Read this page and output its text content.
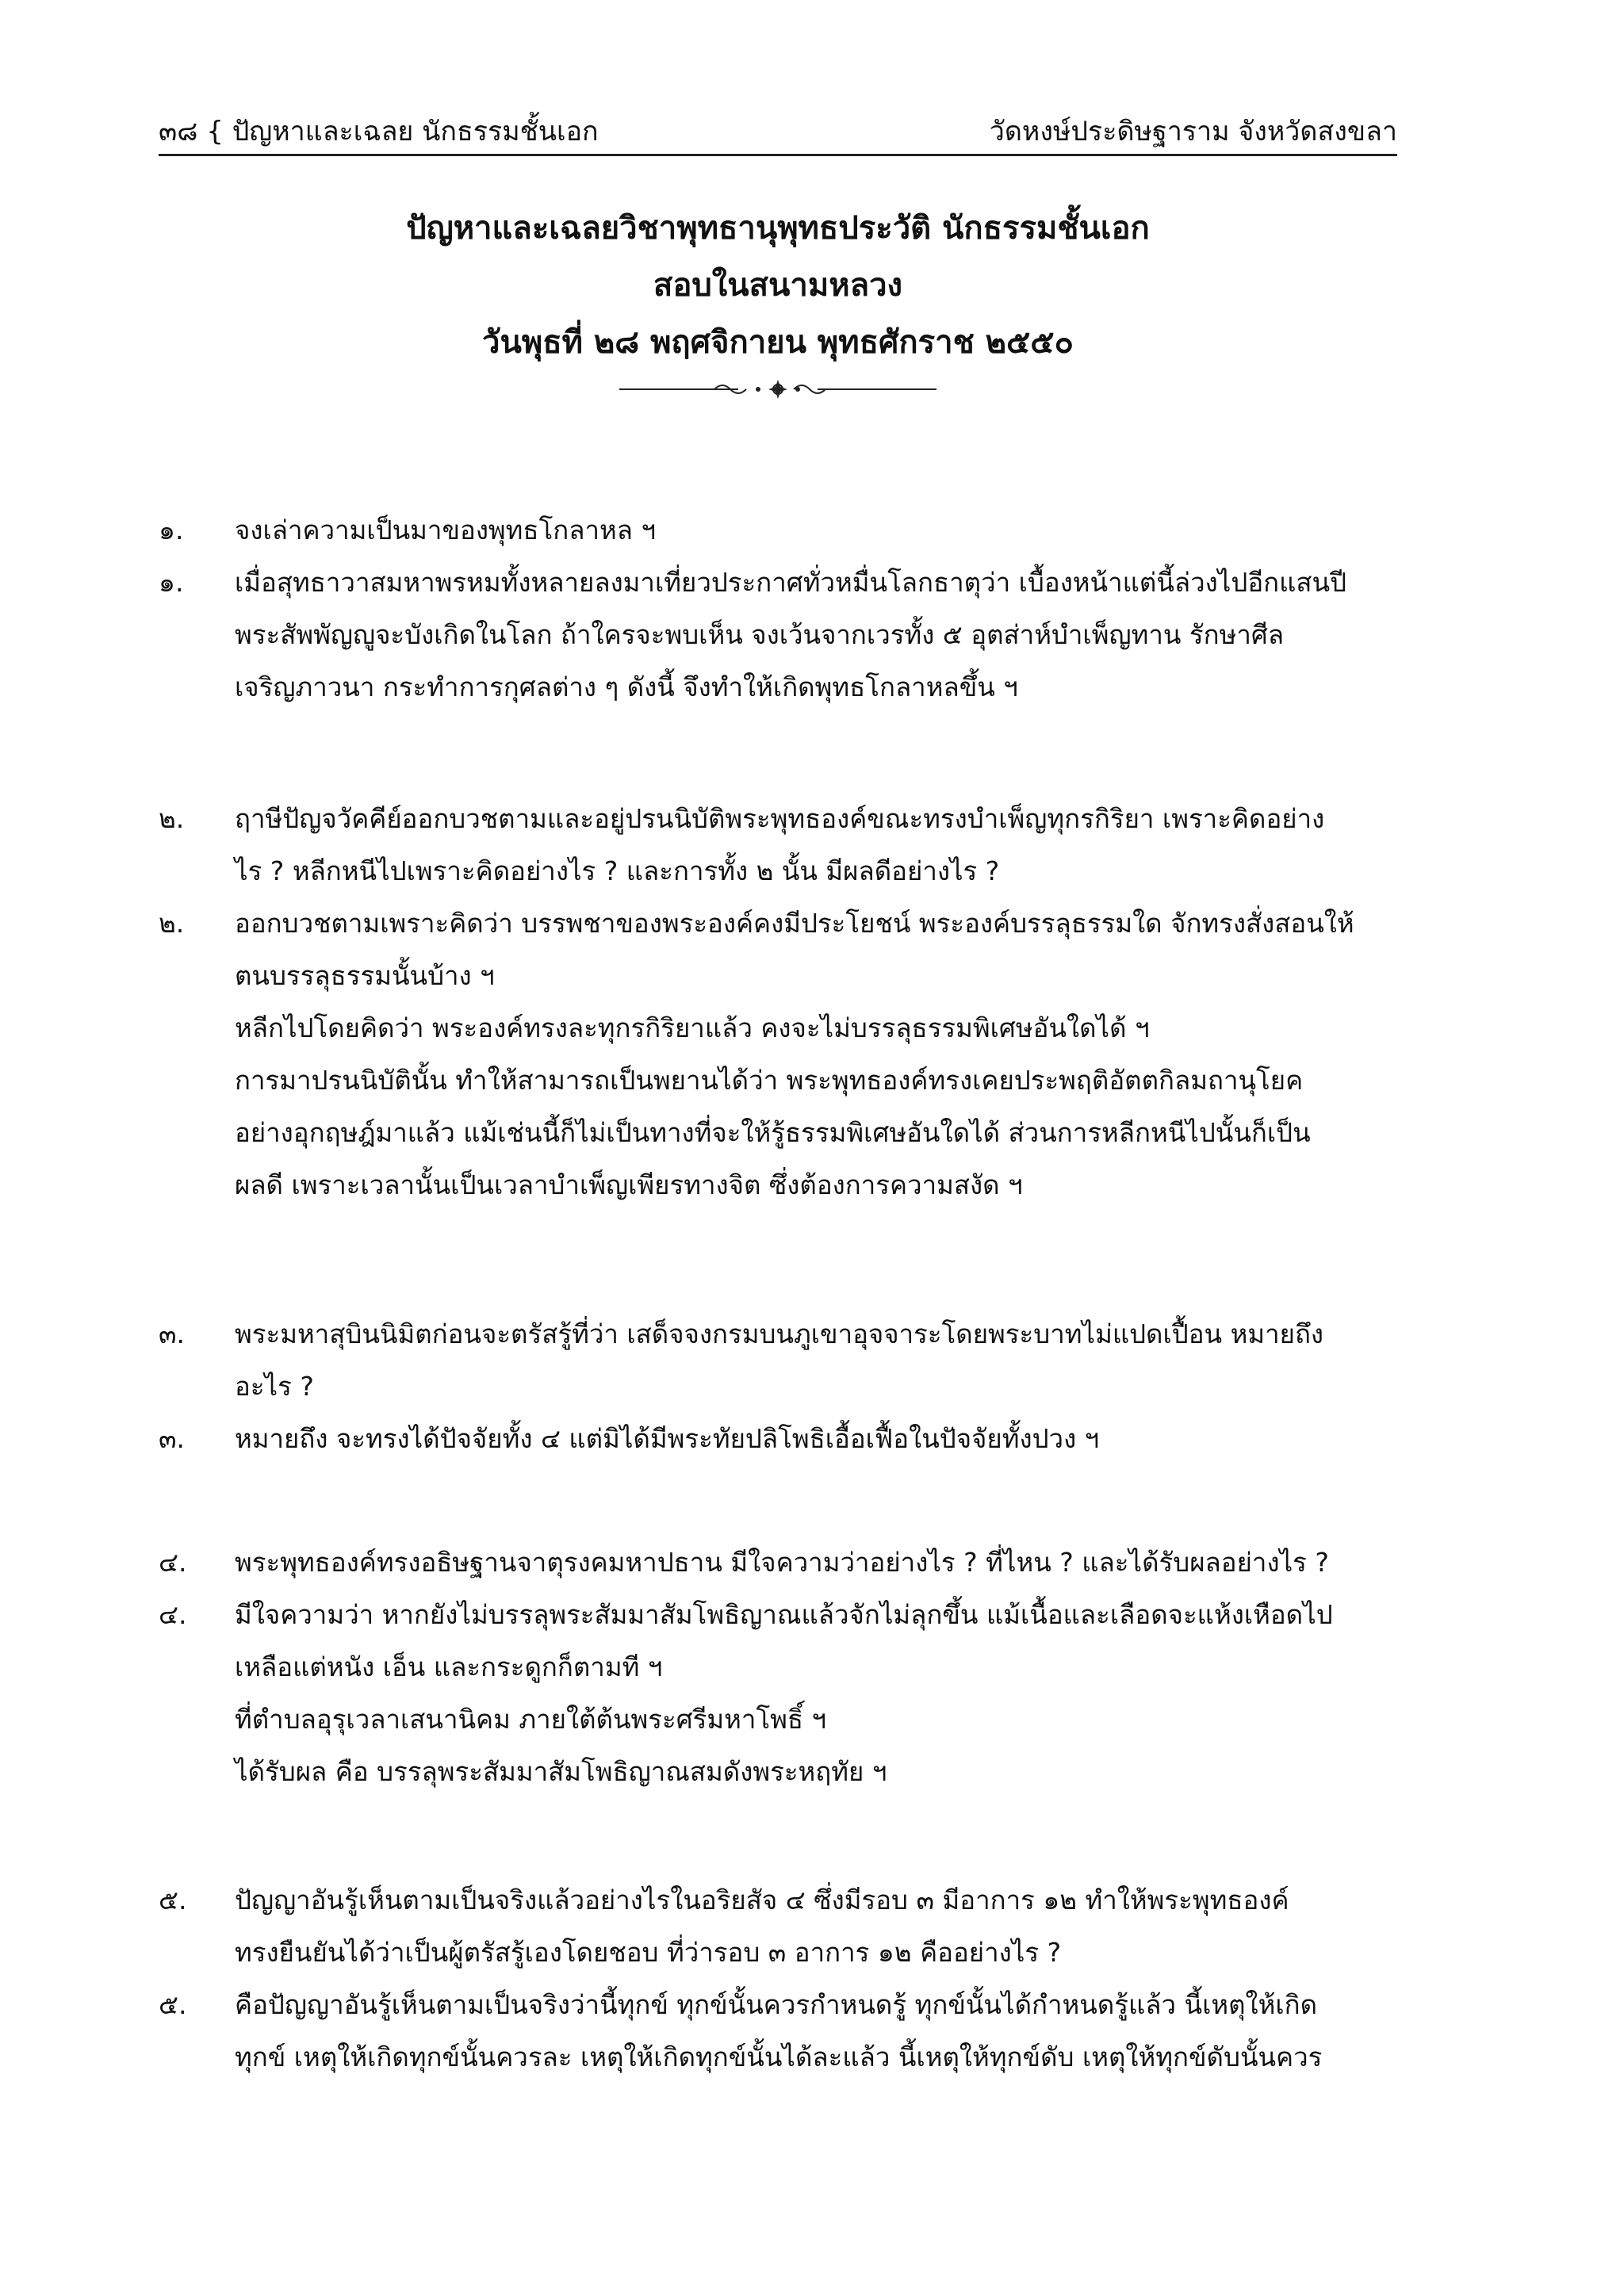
๓๘ { ปัญหาและเฉลย นักธรรมชั้นเอก	วัดหงษ์ประดิษฐาราม จังหวัดสงขลา
ปัญหาและเฉลยวิชาพุทธานุพุทธประวัติ นักธรรมชั้นเอก
สอบในสนามหลวง
วันพุธที่ ๒๘ พฤศจิกายน พุทธศักราช ๒๕๕๐
๑.	จงเล่าความเป็นมาของพุทธโกลาหล ฯ
๑.	เมื่อสุทธาวาสมหาพรหมทั้งหลายลงมาเที่ยวประกาศทั่วหมื่นโลกธาตุว่า เบื้องหน้าแต่นี้ล่วงไปอีกแสนปี
พระสัพพัญญูจะบังเกิดในโลก ถ้าใครจะพบเห็น จงเว้นจากเวรทั้ง ๕ อุตส่าห์บำเพ็ญทาน รักษาศีล
เจริญภาวนา กระทำการกุศลต่าง ๆ ดังนี้ จึงทำให้เกิดพุทธโกลาหลขึ้น ฯ
๒.	ฤาษีปัญจวัคคีย์ออกบวชตามและอยู่ปรนนิบัติพระพุทธองค์ขณะทรงบำเพ็ญทุกรกิริยา เพราะคิดอย่าง
ไร ? หลีกหนีไปเพราะคิดอย่างไร ? และการทั้ง ๒ นั้น มีผลดีอย่างไร ?
๒.	ออกบวชตามเพราะคิดว่า บรรพชาของพระองค์คงมีประโยชน์ พระองค์บรรลุธรรมใด จักทรงสั่งสอนให้
ตนบรรลุธรรมนั้นบ้าง ฯ
หลีกไปโดยคิดว่า พระองค์ทรงละทุกรกิริยาแล้ว คงจะไม่บรรลุธรรมพิเศษอันใดได้ ฯ
การมาปรนนิบัตินั้น ทำให้สามารถเป็นพยานได้ว่า พระพุทธองค์ทรงเคยประพฤติอัตตกิลมถานุโยค
อย่างอุกฤษฎ์มาแล้ว แม้เช่นนี้ก็ไม่เป็นทางที่จะให้รู้ธรรมพิเศษอันใดได้ ส่วนการหลีกหนีไปนั้นก็เป็น
ผลดี เพราะเวลานั้นเป็นเวลาบำเพ็ญเพียรทางจิต ซึ่งต้องการความสงัด ฯ
๓.	พระมหาสุบินนิมิตก่อนจะตรัสรู้ที่ว่า เสด็จจงกรมบนภูเขาอุจจาระโดยพระบาทไม่แปดเปื้อน หมายถึง
อะไร ?
๓.	หมายถึง จะทรงได้ปัจจัยทั้ง ๔ แต่มิได้มีพระทัยปลิโพธิเอื้อเฟื้อในปัจจัยทั้งปวง ฯ
๔.	พระพุทธองค์ทรงอธิษฐานจาตุรงคมหาปธาน มีใจความว่าอย่างไร ? ที่ไหน ? และได้รับผลอย่างไร ?
๔.	มีใจความว่า หากยังไม่บรรลุพระสัมมาสัมโพธิญาณแล้วจักไม่ลุกขึ้น แม้เนื้อและเลือดจะแห้งเหือดไป
เหลือแต่หนัง เอ็น และกระดูกก็ตามที ฯ
ที่ตำบลอุรุเวลาเสนานิคม ภายใต้ต้นพระศรีมหาโพธิ์ ฯ
ได้รับผล คือ บรรลุพระสัมมาสัมโพธิญาณสมดังพระหฤทัย ฯ
๕.	ปัญญาอันรู้เห็นตามเป็นจริงแล้วอย่างไรในอริยสัจ ๔ ซึ่งมีรอบ ๓ มีอาการ ๑๒ ทำให้พระพุทธองค์
ทรงยืนยันได้ว่าเป็นผู้ตรัสรู้เองโดยชอบ ที่ว่ารอบ ๓ อาการ ๑๒ คืออย่างไร ?
๕.	คือปัญญาอันรู้เห็นตามเป็นจริงว่านี้ทุกข์ ทุกข์นั้นควรกำหนดรู้ ทุกข์นั้นได้กำหนดรู้แล้ว นี้เหตุให้เกิด
ทุกข์ เหตุให้เกิดทุกข์นั้นควรละ เหตุให้เกิดทุกข์นั้นได้ละแล้ว นี้เหตุให้ทุกข์ดับ เหตุให้ทุกข์ดับนั้นควร
